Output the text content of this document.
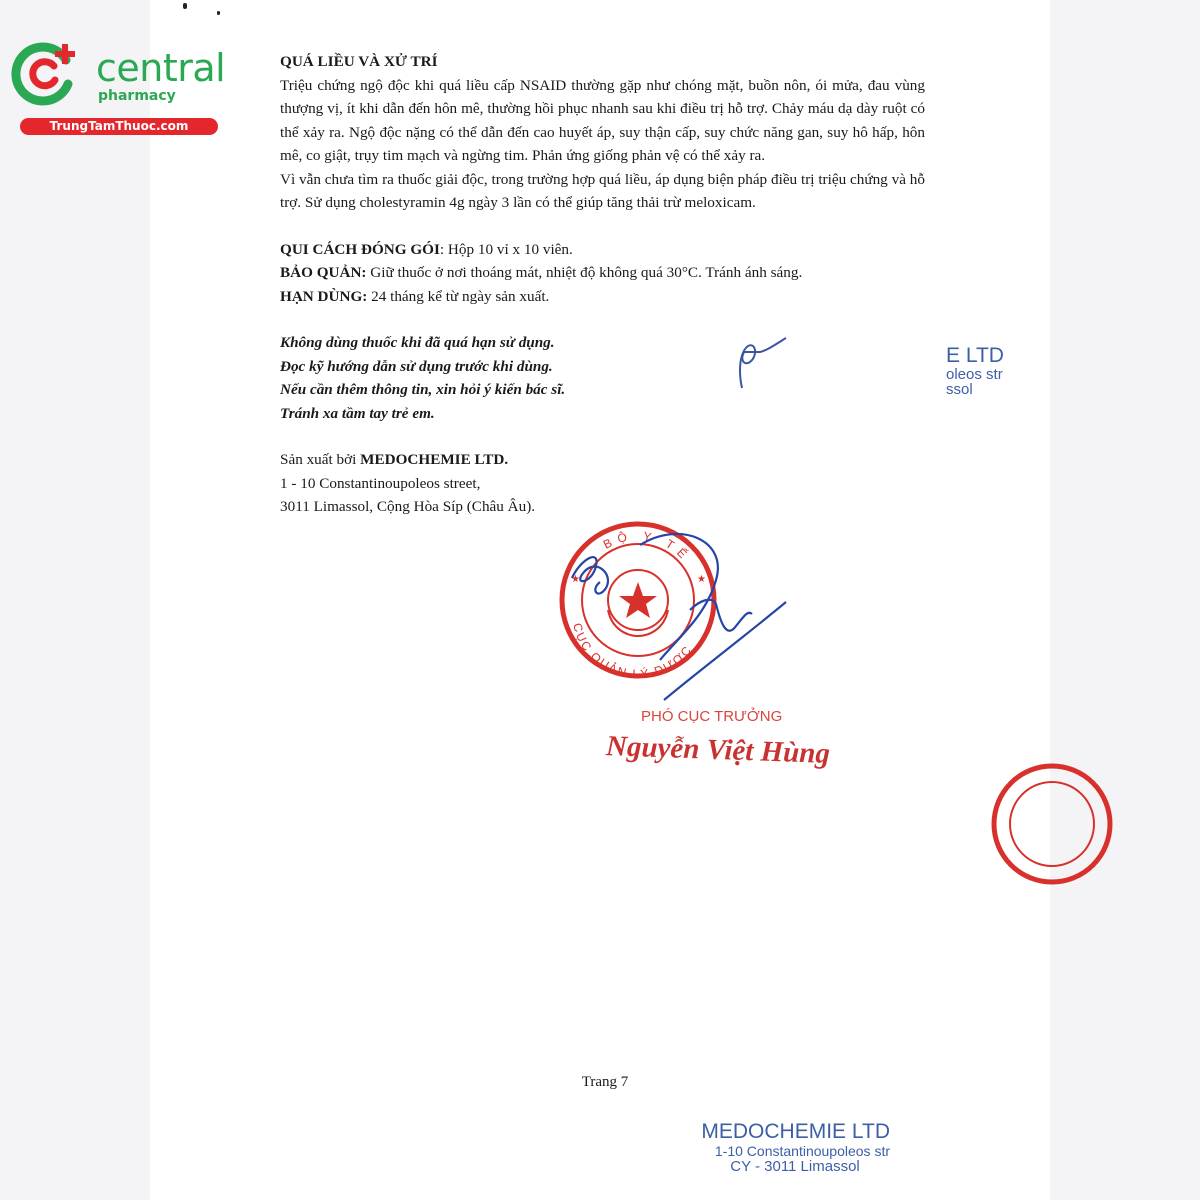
central
pharmacy
TrungTamThuoc.com

QUÁ LIỀU VÀ XỬ TRÍ

Triệu chứng ngộ độc khi quá liều cấp NSAID thường gặp như chóng mặt, buồn nôn, ói mửa, đau vùng thượng vị, ít khi dẫn đến hôn mê, thường hồi phục nhanh sau khi điều trị hỗ trợ. Chảy máu dạ dày ruột có thể xảy ra. Ngộ độc nặng có thể dẫn đến cao huyết áp, suy thận cấp, suy chức năng gan, suy hô hấp, hôn mê, co giật, trụy tim mạch và ngừng tim. Phản ứng giống phản vệ có thể xảy ra.

Vì vẫn chưa tìm ra thuốc giải độc, trong trường hợp quá liều, áp dụng biện pháp điều trị triệu chứng và hỗ trợ. Sử dụng cholestyramin 4g ngày 3 lần có thể giúp tăng thải trừ meloxicam.

QUI CÁCH ĐÓNG GÓI: Hộp 10 vỉ x 10 viên.

BẢO QUẢN: Giữ thuốc ở nơi thoáng mát, nhiệt độ không quá 30°C. Tránh ánh sáng.

HẠN DÙNG: 24 tháng kể từ ngày sản xuất.

Không dùng thuốc khi đã quá hạn sử dụng.

Đọc kỹ hướng dẫn sử dụng trước khi dùng.

Nếu cần thêm thông tin, xin hỏi ý kiến bác sĩ.

Tránh xa tầm tay trẻ em.

Sản xuất bởi MEDOCHEMIE LTD.

1 - 10 Constantinoupoleos street,

3011 Limassol, Cộng Hòa Síp (Châu Âu).

E LTD
oleos str
ssol
BỘ Y TẾ
CỤC QUẢN LÝ DƯỢC
★	★
PHÓ CỤC TRƯỞNG
Nguyễn Việt Hùng
Trang 7
MEDOCHEMIE LTD
1-10 Constantinoupoleos str
CY - 3011 Limassol
